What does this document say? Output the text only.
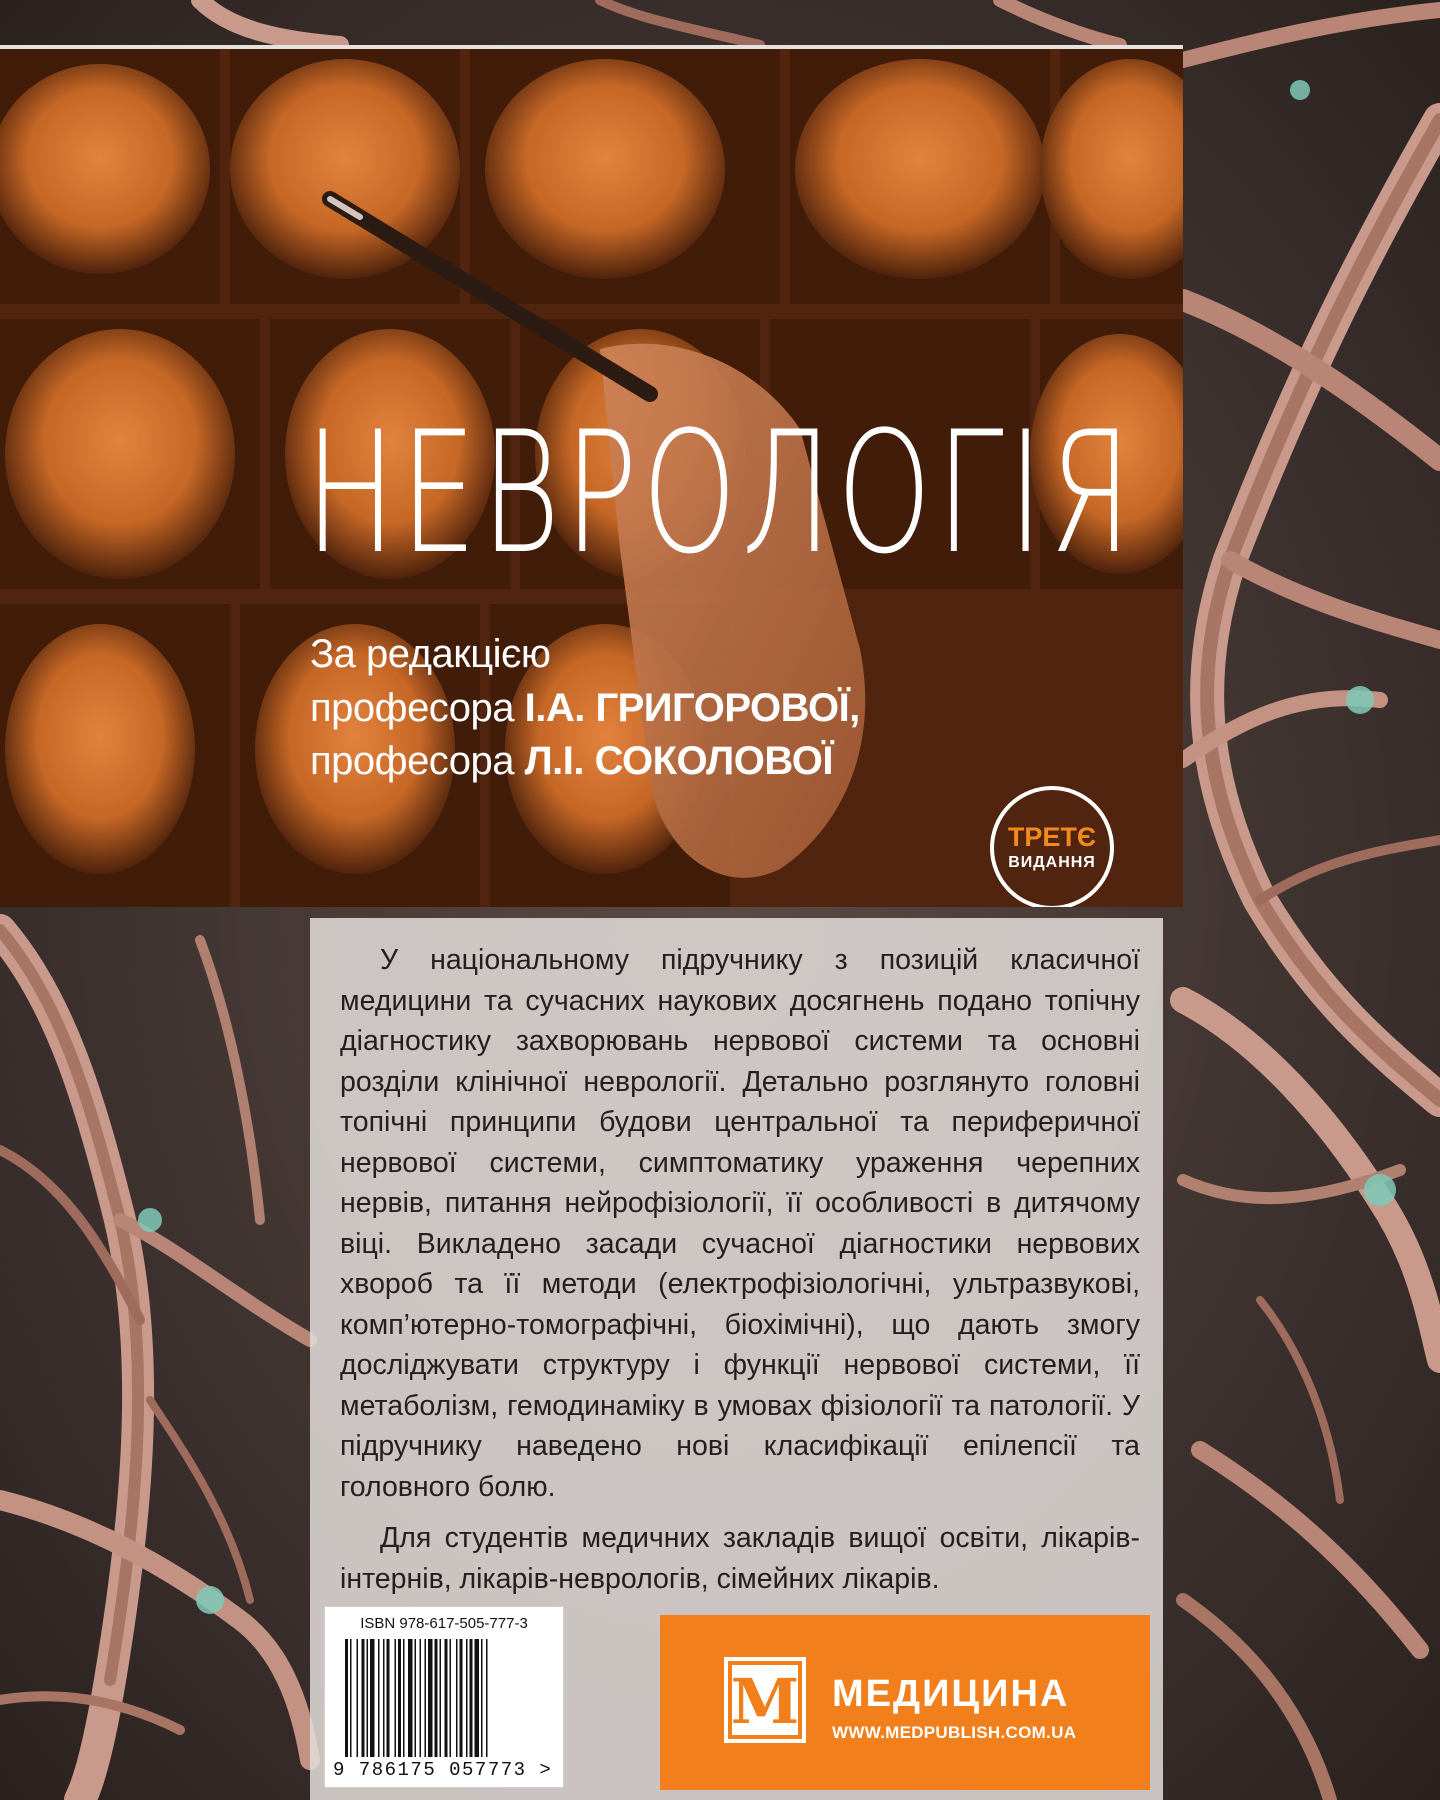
НЕВРОЛОГІЯ
За редакцією
професора І.А. ГРИГОРОВОЇ,
професора Л.І. СОКОЛОВОЇ
ТРЕТЄ
ВИДАННЯ

У національному підручнику з позицій класичної медицини та сучасних наукових досягнень подано топічну діагностику захворювань нервової системи та основні розділи клінічної неврології. Детально розглянуто головні топічні принципи будови центральної та периферичної нервової системи, симптоматику ураження черепних нервів, питання нейрофізіології, її особливості в дитячому віці. Викладено засади сучасної діагностики нервових хвороб та її методи (електрофізіологічні, ультразвукові, комп’ютерно-томографічні, біохімічні), що дають змогу досліджувати структуру і функції нервової системи, її метаболізм, гемодинаміку в умовах фізіології та патології. У підручнику наведено нові класифікації епілепсії та головного болю.

Для студентів медичних закладів вищої освіти, лікарів-інтернів, лікарів-неврологів, сімейних лікарів.

ISBN 978-617-505-777-3
9 786175 057773 >
M МЕДИЦИНА
WWW.MEDPUBLISH.COM.UA
